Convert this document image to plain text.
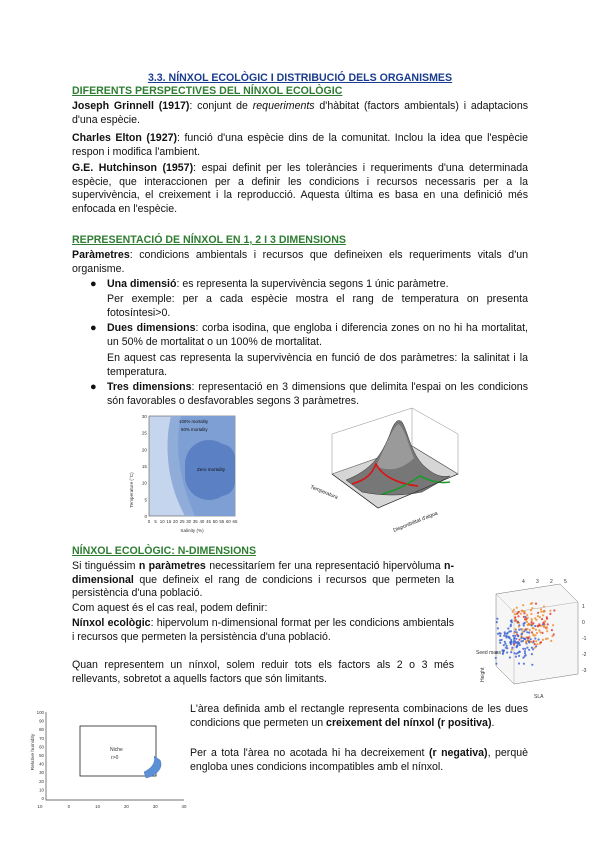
3.3. NÍNXOL ECOLÒGIC I DISTRIBUCIÓ DELS ORGANISMES

DIFERENTS PERSPECTIVES DEL NÍNXOL ECOLÒGIC

Joseph Grinnell (1917): conjunt de requeriments d'hàbitat (factors ambientals) i adaptacions d'una espècie.

Charles Elton (1927): funció d'una espècie dins de la comunitat. Inclou la idea que l'espècie respon i modifica l'ambient.

G.E. Hutchinson (1957): espai definit per les toleràncies i requeriments d'una determinada espècie, que interaccionen per a definir les condicions i recursos necessaris per a la supervivència, el creixement i la reproducció. Aquesta última es basa en una definició més enfocada en l'espècie.

REPRESENTACIÓ DE NÍNXOL EN 1, 2 I 3 DIMENSIONS

Paràmetres: condicions ambientals i recursos que defineixen els requeriments vitals d'un organisme.

● Una dimensió: es representa la supervivència segons 1 únic paràmetre.

Per exemple: per a cada espècie mostra el rang de temperatura on presenta fotosíntesi>0.

● Dues dimensions: corba isodina, que engloba i diferencia zones on no hi ha mortalitat, un 50% de mortalitat o un 100% de mortalitat.

En aquest cas representa la supervivència en funció de dos paràmetres: la salinitat i la temperatura.

● Tres dimensions: representació en 3 dimensions que delimita l'espai on les condicions són favorables o desfavorables segons 3 paràmetres.

Temperature (°C)
30
25
20
15
10
5
0
100% mortality
50% mortality
Zero mortality
0 5 10 15 20 25 30 35 40 45 50 55 60 65
Salinity (%)
Temperatura
Disponibilitat d'aigua

NÍNXOL ECOLÒGIC: N-DIMENSIONS

Si tinguéssim n paràmetres necessitaríem fer una representació hipervòluma n-dimensional que defineix el rang de condicions i recursos que permeten la persistència d'una població.

Com aquest és el cas real, podem definir:

Nínxol ecològic: hipervolum n-dimensional format per les condicions ambientals i recursos que permeten la persistència d'una població.

Quan representem un nínxol, solem reduir tots els factors als 2 o 3 més rellevants, sobretot a aquells factors que són limitants.

4 3 2 5
1
0
-1
-2
-3
Seed mass
Height
SLA
Relative humidity
100
90
80
70
60
50
40
30
20
10
0
Niche
r>0
10	0	10	20	30	40

L'àrea definida amb el rectangle representa combinacions de les dues condicions que permeten un creixement del nínxol (r positiva).

Per a tota l'àrea no acotada hi ha decreixement (r negativa), perquè engloba unes condicions incompatibles amb el nínxol.
